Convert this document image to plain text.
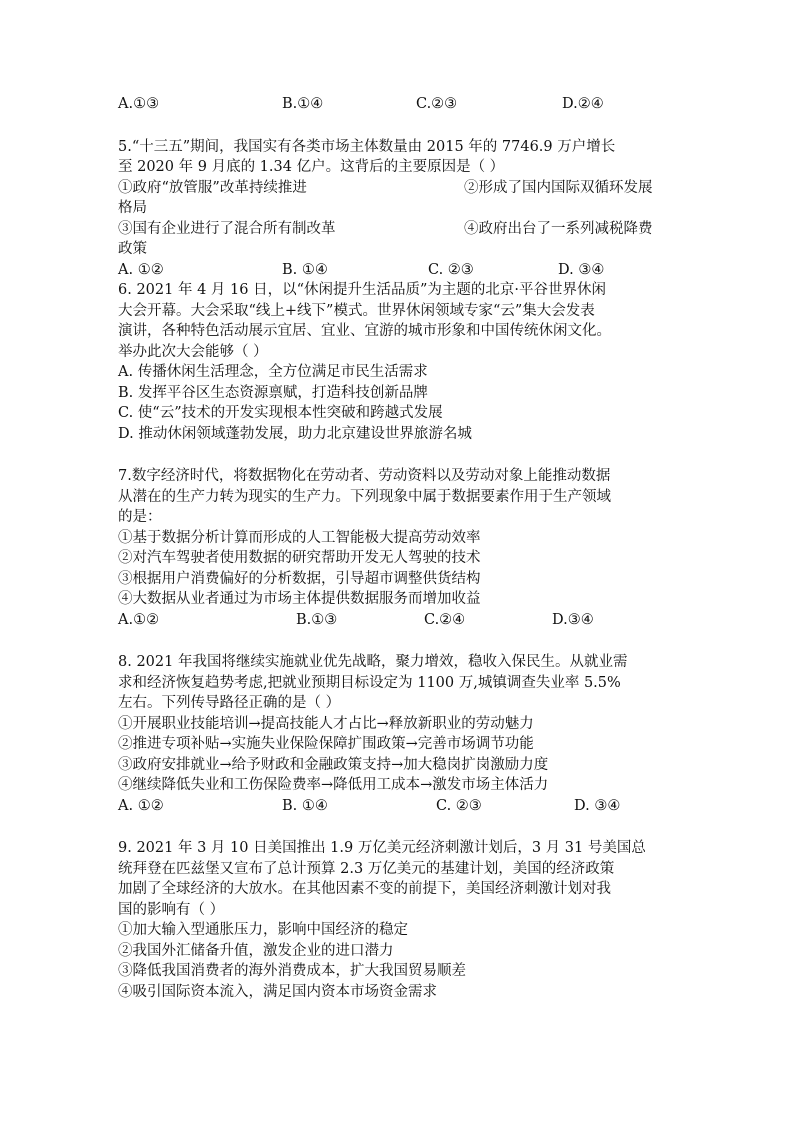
A.①③	B.①④	C.②③	D.②④
5.“十三五”期间，我国实有各类市场主体数量由 2015 年的 7746.9 万户增长
至 2020 年 9 月底的 1.34 亿户。这背后的主要原因是（ ）
①政府“放管服”改革持续推进	②形成了国内国际双循环发展
格局
③国有企业进行了混合所有制改革	④政府出台了一系列减税降费
政策
A. ①②	B. ①④	C. ②③	D. ③④
6. 2021 年 4 月 16 日，以“休闲提升生活品质”为主题的北京·平谷世界休闲
大会开幕。大会采取“线上+线下”模式。世界休闲领域专家“云”集大会发表
演讲，各种特色活动展示宜居、宜业、宜游的城市形象和中国传统休闲文化。
举办此次大会能够（ ）
A. 传播休闲生活理念，全方位满足市民生活需求
B. 发挥平谷区生态资源禀赋，打造科技创新品牌
C. 使“云”技术的开发实现根本性突破和跨越式发展
D. 推动休闲领域蓬勃发展，助力北京建设世界旅游名城
7.数字经济时代，将数据物化在劳动者、劳动资料以及劳动对象上能推动数据
从潜在的生产力转为现实的生产力。下列现象中属于数据要素作用于生产领域
的是：
①基于数据分析计算而形成的人工智能极大提高劳动效率
②对汽车驾驶者使用数据的研究帮助开发无人驾驶的技术
③根据用户消费偏好的分析数据，引导超市调整供货结构
④大数据从业者通过为市场主体提供数据服务而增加收益
A.①②	B.①③	C.②④	D.③④
8. 2021 年我国将继续实施就业优先战略，聚力增效，稳收入保民生。从就业需
求和经济恢复趋势考虑,把就业预期目标设定为 1100 万,城镇调查失业率 5.5%
左右。下列传导路径正确的是（ ）
①开展职业技能培训→提高技能人才占比→释放新职业的劳动魅力
②推进专项补贴→实施失业保险保障扩围政策→完善市场调节功能
③政府安排就业→给予财政和金融政策支持→加大稳岗扩岗激励力度
④继续降低失业和工伤保险费率→降低用工成本→激发市场主体活力
A. ①②	B. ①④	C. ②③	D. ③④
9. 2021 年 3 月 10 日美国推出 1.9 万亿美元经济刺激计划后，3 月 31 号美国总
统拜登在匹兹堡又宣布了总计预算 2.3 万亿美元的基建计划，美国的经济政策
加剧了全球经济的大放水。在其他因素不变的前提下，美国经济刺激计划对我
国的影响有（ ）
①加大输入型通胀压力，影响中国经济的稳定
②我国外汇储备升值，激发企业的进口潜力
③降低我国消费者的海外消费成本，扩大我国贸易顺差
④吸引国际资本流入，满足国内资本市场资金需求
